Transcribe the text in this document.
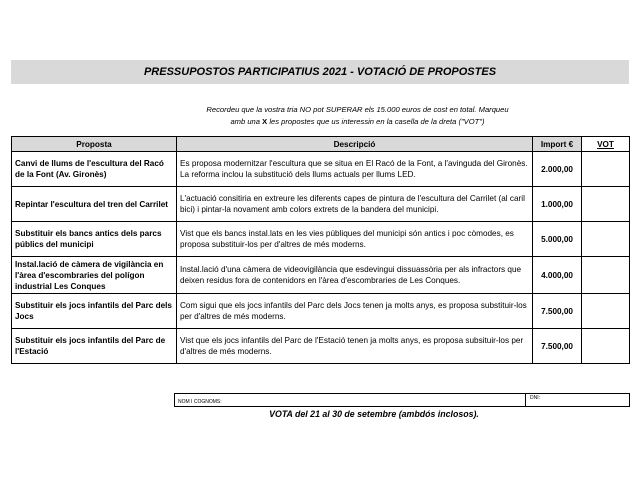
PRESSUPOSTOS PARTICIPATIUS 2021 - VOTACIÓ DE PROPOSTES
Recordeu que la vostra tria NO pot SUPERAR els 15.000 euros de cost en total. Marqueu
amb una X les propostes que us interessin en la casella de la dreta ("VOT")
Proposta	Descripció	Import €	VOT
Canvi de llums de l'escultura del Racó de la Font (Av. Gironès)	Es proposa modernitzar l'escultura que se situa en El Racó de la Font, a l'avinguda del Gironès. La reforma inclou la substitució dels llums actuals per llums LED.	2.000,00	
Repintar l'escultura del tren del Carrilet	L'actuació consitiria en extreure les diferents capes de pintura de l'escultura del Carrilet (al caril bici) i pintar-la novament amb colors extrets de la bandera del municipi.	1.000,00	
Substituir els bancs antics dels parcs públics del municipi	Vist que els bancs instal.lats en les vies públiques del municipi són antics i poc còmodes, es proposa substituir-los per d'altres de més moderns.	5.000,00	
Instal.lació de càmera de vigilància en l'àrea d'escombraries del polígon industrial Les Conques	Instal.lació d'una càmera de videovigilància que esdevingui dissuassòria per als infractors que deixen residus fora de contenidors en l'àrea d'escombraries de Les Conques.	4.000,00	
Substituir els jocs infantils del Parc dels Jocs	Com sigui que els jocs infantils del Parc dels Jocs tenen ja molts anys, es proposa substituir-los per d'altres de més moderns.	7.500,00	
Substituir els jocs infantils del Parc de l'Estació	Vist que els jocs infantils del Parc de l'Estació tenen ja molts anys, es proposa subsituir-los per d'altres de més moderns.	7.500,00	
NOM I COGNOMS:
DNI:
VOTA del 21 al 30 de setembre (ambdós inclosos).
